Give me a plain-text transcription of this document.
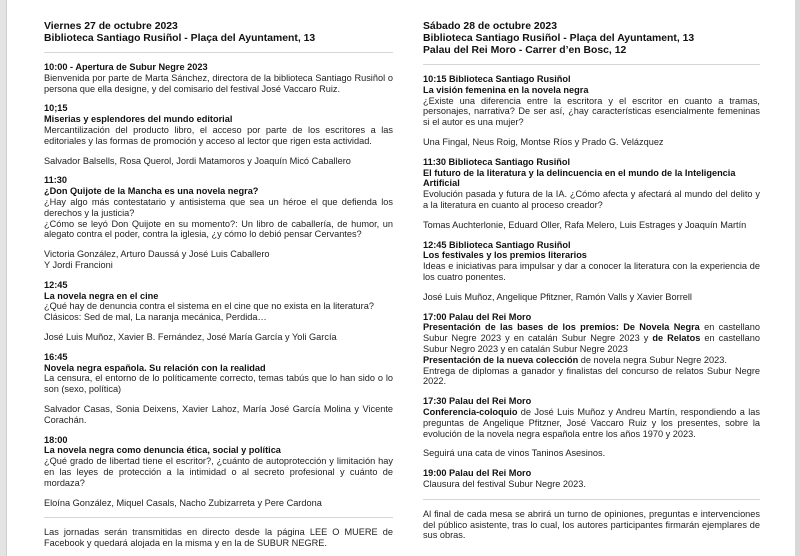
Viernes 27 de octubre 2023
Biblioteca Santiago Rusiñol - Plaça del Ayuntament, 13
10:00 - Apertura de Subur Negre 2023

Bienvenida por parte de Marta Sánchez, directora de la biblioteca Santiago Rusiñol o persona que ella designe, y del comisario del festival José Vaccaro Ruiz.

10;15
Miserias y esplendores del mundo editorial

Mercantilización del producto libro, el acceso por parte de los escritores a las editoriales y las formas de promoción y acceso al lector que rigen esta actividad.

Salvador Balsells, Rosa Querol, Jordi Matamoros y Joaquín Micó Caballero

11:30
¿Don Quijote de la Mancha es una novela negra?

¿Hay algo más contestatario y antisistema que sea un héroe el que defienda los derechos y la justicia?

¿Cómo se leyó Don Quijote en su momento?: Un libro de caballería, de humor, un alegato contra el poder, contra la iglesia, ¿y cómo lo debió pensar Cervantes?

Victoria González, Arturo Daussá y José Luis Caballero

Y Jordi Francioni

12:45
La novela negra en el cine

¿Qué hay de denuncia contra el sistema en el cine que no exista en la literatura?

Clásicos: Sed de mal, La naranja mecánica, Perdida…

José Luis Muñoz, Xavier B. Fernández, José María García y Yoli García

16:45
Novela negra española. Su relación con la realidad

La censura, el entorno de lo políticamente correcto, temas tabús que lo han sido o lo son (sexo, política)

Salvador Casas, Sonia Deixens, Xavier Lahoz, María José García Molina y Vicente Corachán.

18:00
La novela negra como denuncia ética, social y política

¿Qué grado de libertad tiene el escritor?, ¿cuánto de autoprotección y limitación hay en las leyes de protección a la intimidad o al secreto profesional y cuánto de mordaza?

Eloína González, Miquel Casals, Nacho Zubizarreta y Pere Cardona

Las jornadas serán transmitidas en directo desde la página LEE O MUERE de Facebook y quedará alojada en la misma y en la de SUBUR NEGRE.

Sábado 28 de octubre 2023
Biblioteca Santiago Rusiñol - Plaça del Ayuntament, 13
Palau del Rei Moro - Carrer d’en Bosc, 12
10:15 Biblioteca Santiago Rusiñol
La visión femenina en la novela negra

¿Existe una diferencia entre la escritora y el escritor en cuanto a tramas, personajes, narrativa? De ser así, ¿hay características esencialmente femeninas si el autor es una mujer?

Una Fingal, Neus Roig, Montse Ríos y Prado G. Velázquez

11:30 Biblioteca Santiago Rusiñol
El futuro de la literatura y la delincuencia en el mundo de la Inteligencia Artificial

Evolución pasada y futura de la IA. ¿Cómo afecta y afectará al mundo del delito y a la literatura en cuanto al proceso creador?

Tomas Auchterlonie, Eduard Oller, Rafa Melero, Luis Estrages y Joaquín Martín

12:45 Biblioteca Santiago Rusiñol
Los festivales y los premios literarios

Ideas e iniciativas para impulsar y dar a conocer la literatura con la experiencia de los cuatro ponentes.

José Luis Muñoz, Angelique Pfitzner, Ramón Valls y Xavier Borrell

17:00 Palau del Rei Moro

Presentación de las bases de los premios: De Novela Negra en castellano Subur Negre 2023 y en catalán Subur Negre 2023 y de Relatos en castellano Subur Negro 2023 y en catalán Subur Negre 2023

Presentación de la nueva colección de novela negra Subur Negre 2023.

Entrega de diplomas a ganador y finalistas del concurso de relatos Subur Negre 2022.

17:30 Palau del Rei Moro

Conferencia-coloquio de José Luis Muñoz y Andreu Martín, respondiendo a las preguntas de Angelique Pfitzner, José Vaccaro Ruiz y los presentes, sobre la evolución de la novela negra española entre los años 1970 y 2023.

Seguirá una cata de vinos Taninos Asesinos.

19:00 Palau del Rei Moro

Clausura del festival Subur Negre 2023.

Al final de cada mesa se abrirá un turno de opiniones, preguntas e intervenciones del público asistente, tras lo cual, los autores participantes firmarán ejemplares de sus obras.
